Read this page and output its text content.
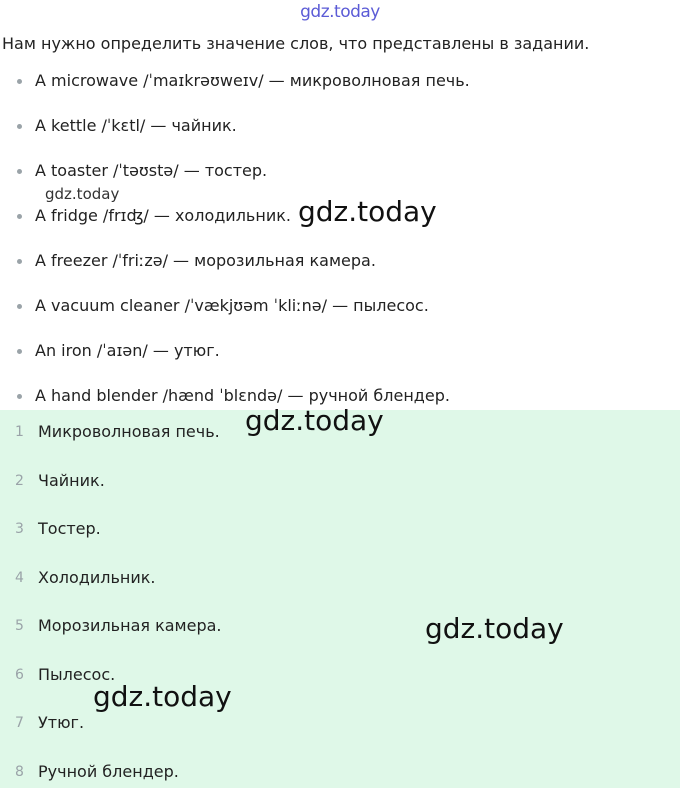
gdz.today
Нам нужно определить значение слов, что представлены в задании.
A microwave /ˈmaɪkrəʊweɪv/ — микроволновая печь.
A kettle /ˈkɛtl/ — чайник.
A toaster /ˈtəʊstə/ — тостер.
A fridge /frɪʤ/ — холодильник.
A freezer /ˈfriːzə/ — морозильная камера.
A vacuum cleaner /ˈvækjʊəm ˈkliːnə/ — пылесос.
An iron /ˈaɪən/ — утюг.
A hand blender /hænd ˈblɛndə/ — ручной блендер.
1 Микроволновая печь.
2 Чайник.
3 Тостер.
4 Холодильник.
5 Морозильная камера.
6 Пылесос.
7 Утюг.
8 Ручной блендер.
gdz.today
gdz.today
gdz.today
gdz.today
gdz.today
